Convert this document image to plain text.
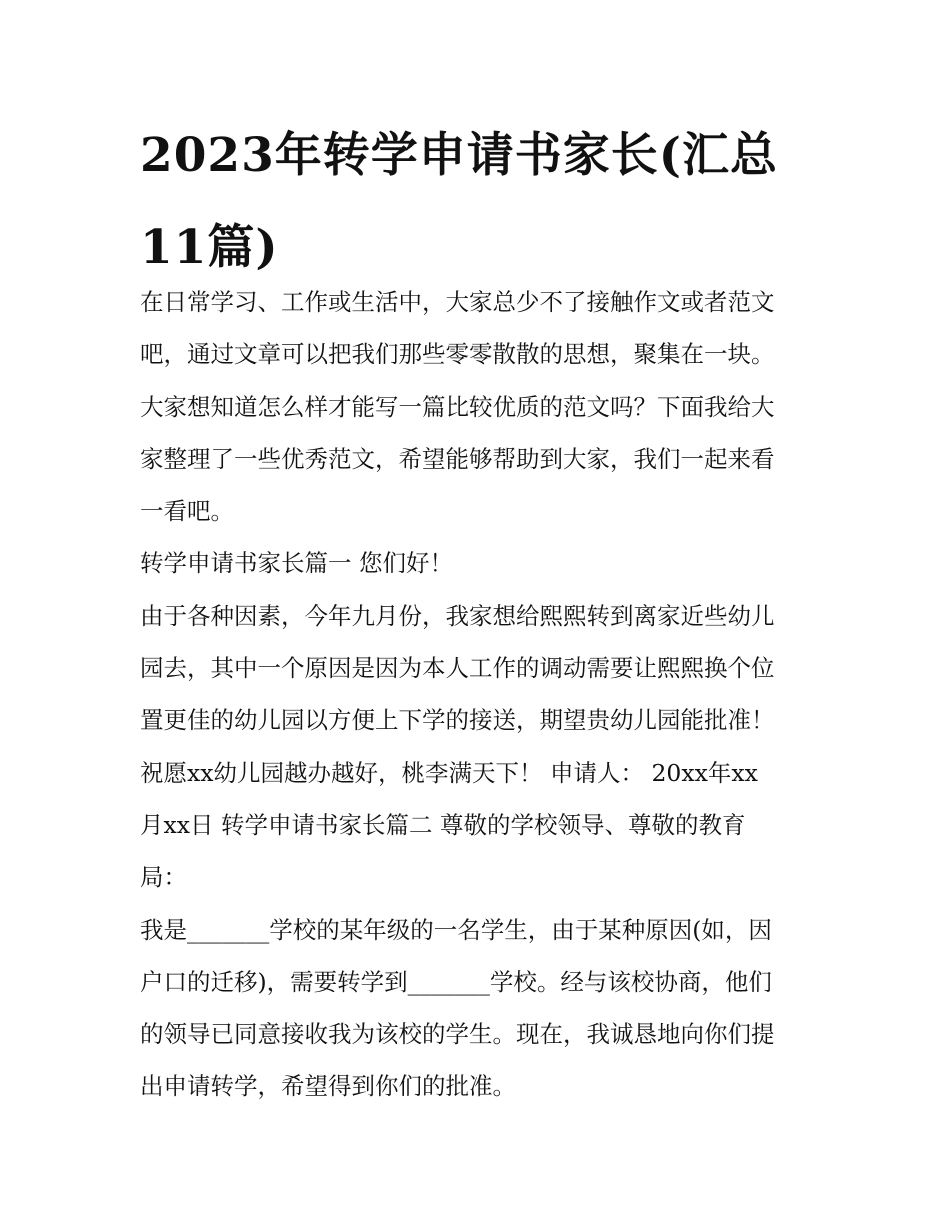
2023年转学申请书家长(汇总
11篇)
在日常学习、工作或生活中，大家总少不了接触作文或者范文
吧，通过文章可以把我们那些零零散散的思想，聚集在一块。
大家想知道怎么样才能写一篇比较优质的范文吗？下面我给大
家整理了一些优秀范文，希望能够帮助到大家，我们一起来看
一看吧。
转学申请书家长篇一 您们好！
由于各种因素，今年九月份，我家想给熙熙转到离家近些幼儿
园去，其中一个原因是因为本人工作的调动需要让熙熙换个位
置更佳的幼儿园以方便上下学的接送，期望贵幼儿园能批准！
祝愿xx幼儿园越办越好，桃李满天下！ 申请人： 20xx年xx
月xx日 转学申请书家长篇二 尊敬的学校领导、尊敬的教育
局：
我是_______学校的某年级的一名学生，由于某种原因(如，因
户口的迁移)，需要转学到_______学校。经与该校协商，他们
的领导已同意接收我为该校的学生。现在，我诚恳地向你们提
出申请转学，希望得到你们的批准。
